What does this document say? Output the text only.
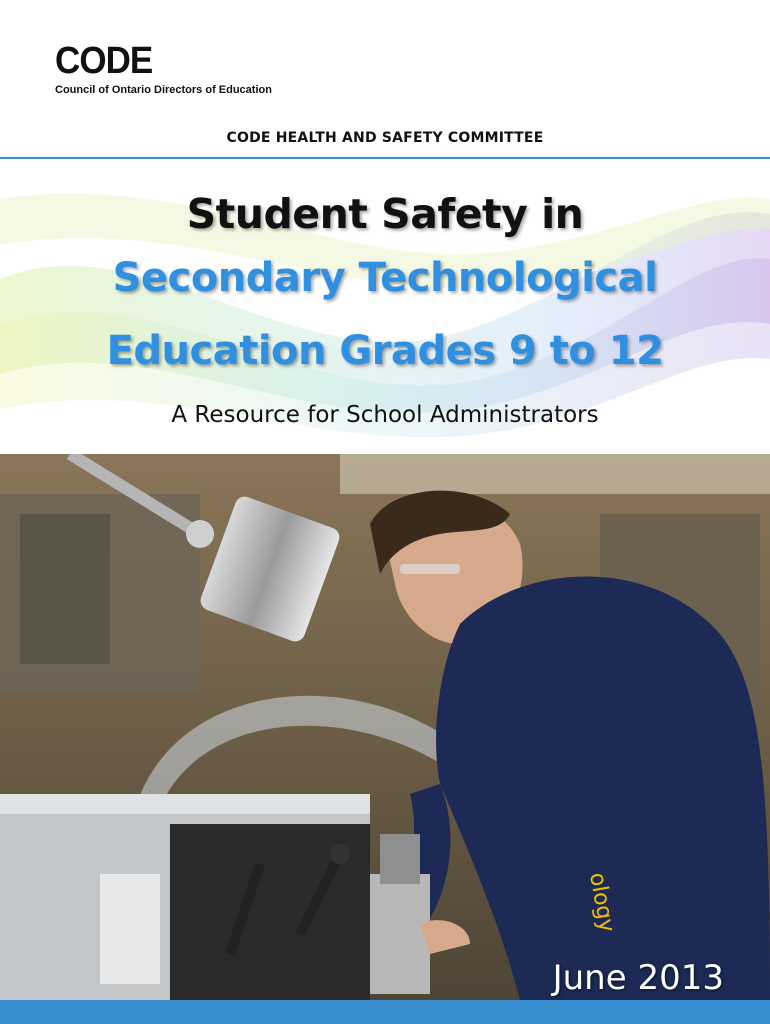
CODE
Council of Ontario Directors of Education
CODE HEALTH AND SAFETY COMMITTEE
Student Safety in
Secondary Technological
Education Grades 9 to 12
A Resource for School Administrators
ology
June 2013
